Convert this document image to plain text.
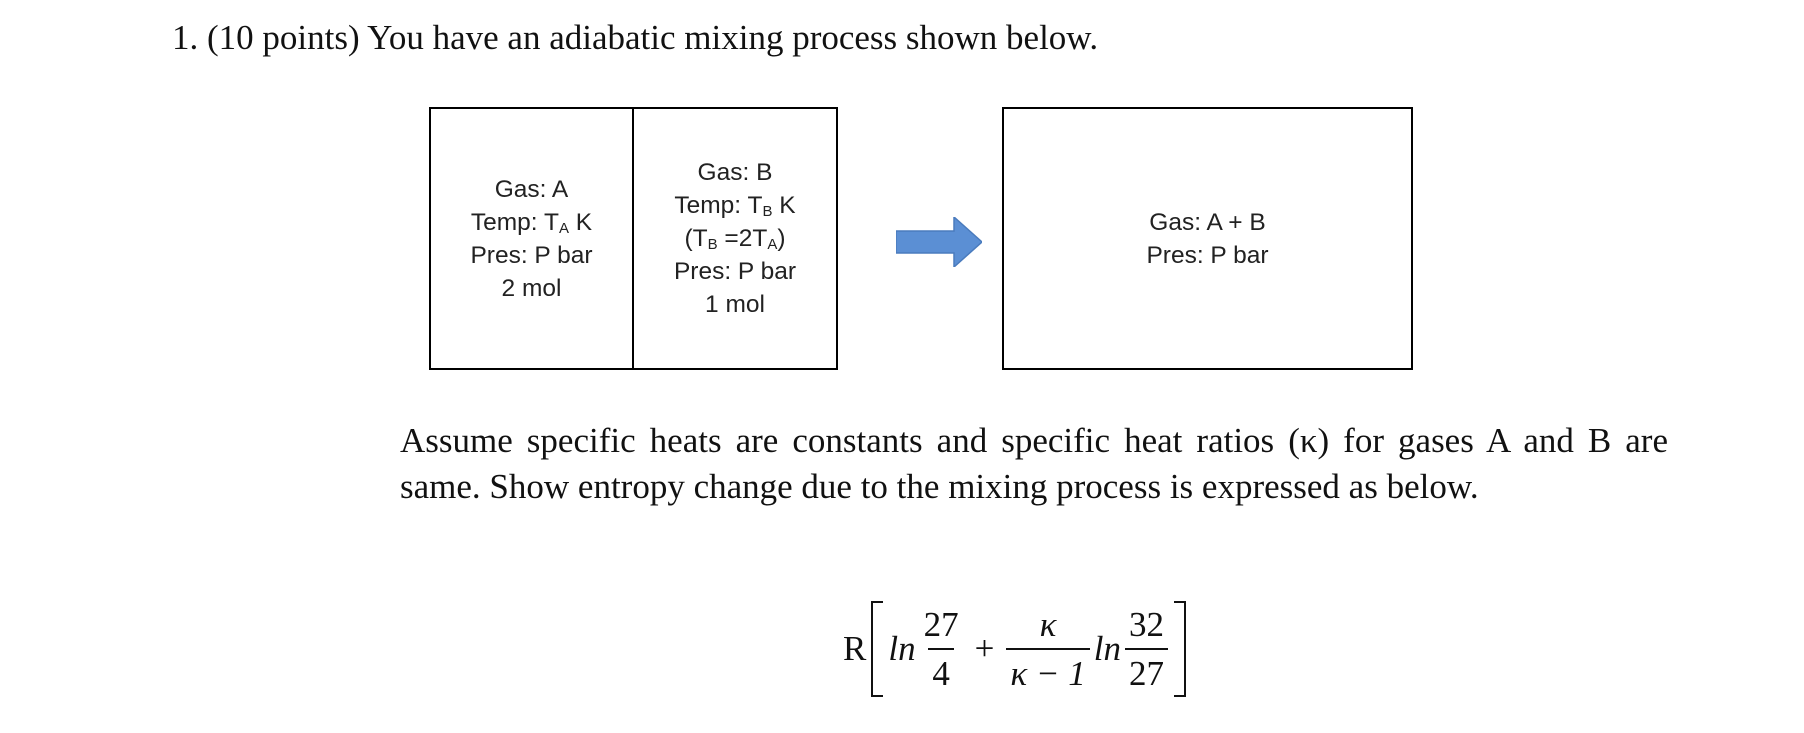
1. (10 points) You have an adiabatic mixing process shown below.
Gas: A
Temp: $T_A$ K
Pres: P bar
2 mol
Gas: B
Temp: $T_B$ K
$(T_B =2T_A)$
Pres: P bar
1 mol
Gas: A + B
Pres: P bar

Assume specific heats are constants and specific heat ratios (κ) for gases A and B are same. Show entropy change due to the mixing process is expressed as below.

R $\ln \frac{27}{4} + \frac{\kappa}{\kappa - 1}$ $\ln \frac{32}{27}$
